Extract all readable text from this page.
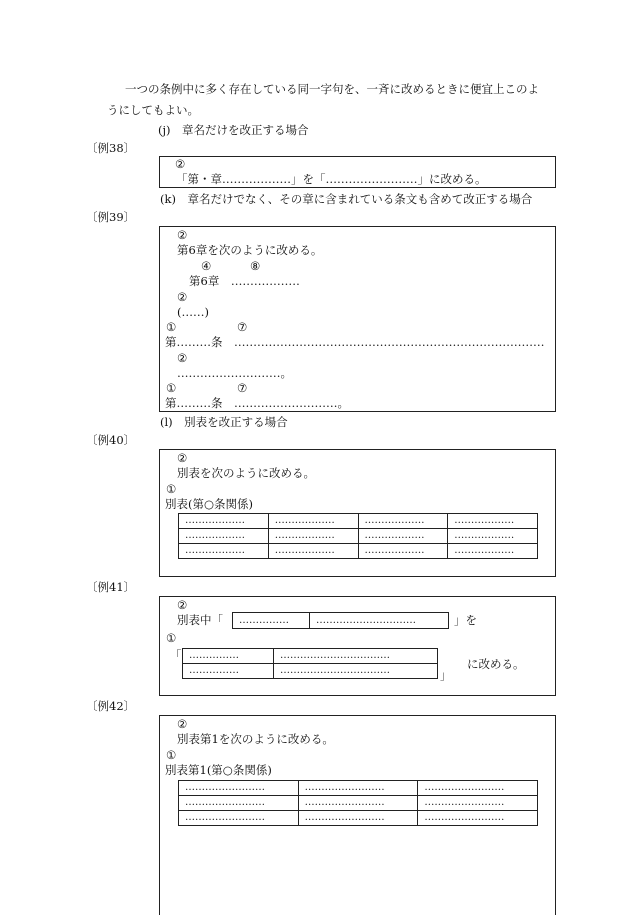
一つの条例中に多く存在している同一字句を、一斉に改めるときに便宜上このよ
うにしてもよい。
(j)　章名だけを改正する場合
〔例38〕
②
「第・章………………」を「……………………」に改める。
(k)　章名だけでなく、その章に含まれている条文も含めて改正する場合
〔例39〕
②
第6章を次のように改める。
④	⑧
第6章　………………
②
(……)
①	⑦
第………条　………………………………………………………………………
②
………………………。
①	⑦
第………条　………………………。
(l)　別表を改正する場合
〔例40〕
②
別表を次のように改める。
①
別表(第○条関係)
………………	………………	………………	………………
………………	………………	………………	………………
………………	………………	………………	………………
〔例41〕
②
別表中「	……………	…………………………	」を
①
「 ……………	……………………………
……………	……………………………	」
に改める。
〔例42〕
②
別表第1を次のように改める。
①
別表第1(第○条関係)
……………………	……………………	……………………
……………………	……………………	……………………
……………………	……………………	……………………
